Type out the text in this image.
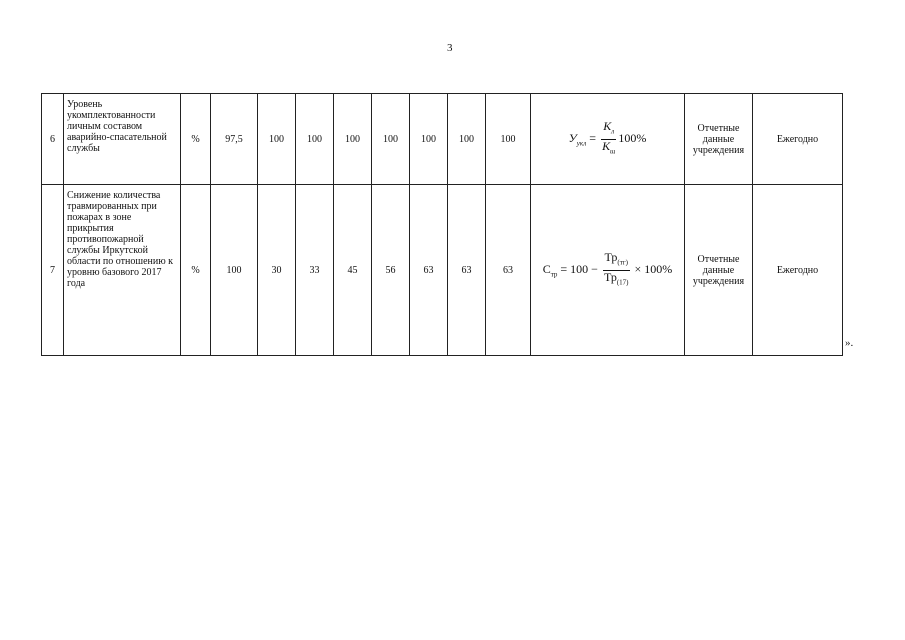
3
6	Уровень укомплектованности личным составом аварийно-спасательной службы	%	97,5	100	100	100	100	100	100	100	$У_{укл} = \frac{К_л}{К_ш} 100\%$	Отчетные данные учреждения	Ежегодно
7	Снижение количества травмированных при пожарах в зоне прикрытия противопожарной службы Иркутской области по отношению к уровню базового 2017 года	%	100	30	33	45	56	63	63	63	$С_{тр} = 100 - \frac{Тр_{(тг)}}{Тр_{(17)}} \times 100\%$	Отчетные данные учреждения	Ежегодно
».
